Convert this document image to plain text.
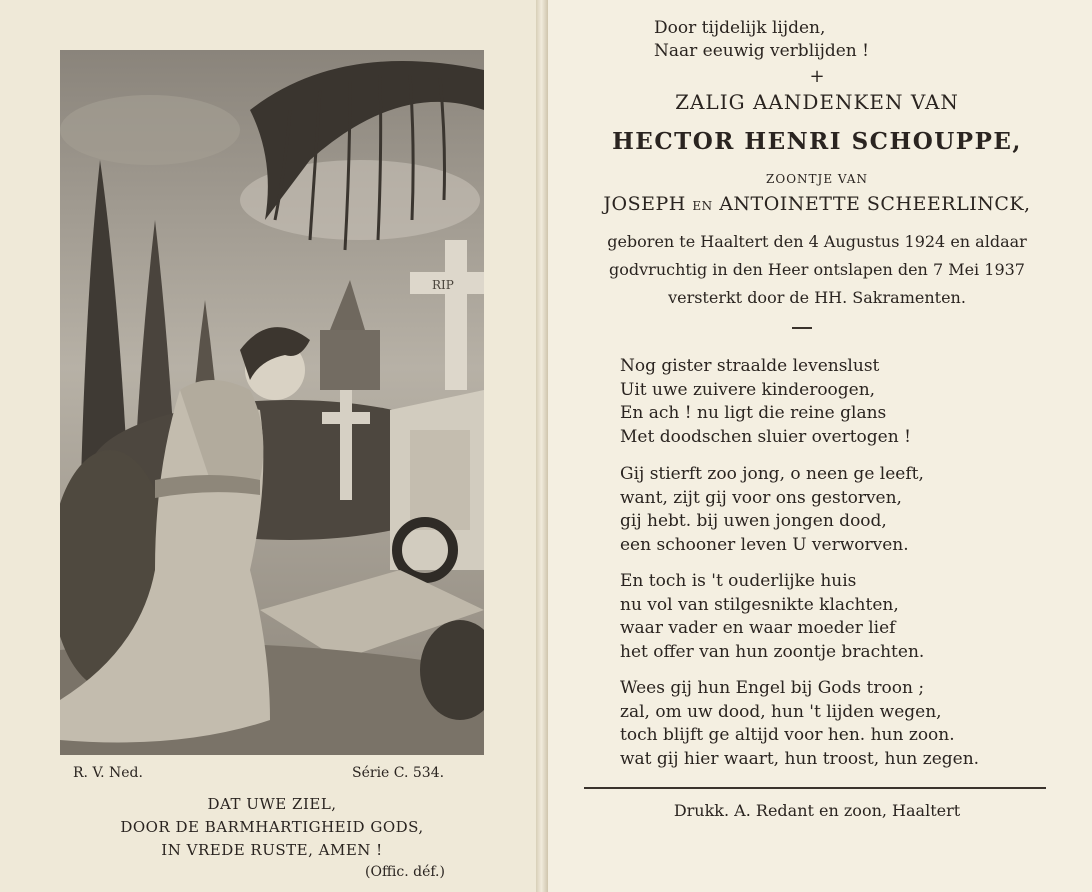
RIP
R. V. Ned.	Série C. 534.
DAT UWE ZIEL,
DOOR DE BARMHARTIGHEID GODS,
IN VREDE RUSTE, AMEN !
(Offic. déf.)
Door tijdelijk lijden,
Naar eeuwig verblijden !
+
ZALIG AANDENKEN VAN
HECTOR HENRI SCHOUPPE,
ZOONTJE VAN
JOSEPH EN ANTOINETTE SCHEERLINCK,
geboren te Haaltert den 4 Augustus 1924 en aldaar
godvruchtig in den Heer ontslapen den 7 Mei 1937
versterkt door de HH. Sakramenten.
Drukk. A. Redant en zoon, Haaltert
Nog gister straalde levenslust
Uit uwe zuivere kinderoogen,
En ach ! nu ligt die reine glans
Met doodschen sluier overtogen !
Gij stierft zoo jong, o neen ge leeft,
want, zijt gij voor ons gestorven,
gij hebt. bij uwen jongen dood,
een schooner leven U verworven.
En toch is 't ouderlijke huis
nu vol van stilgesnikte klachten,
waar vader en waar moeder lief
het offer van hun zoontje brachten.
Wees gij hun Engel bij Gods troon ;
zal, om uw dood, hun 't lijden wegen,
toch blijft ge altijd voor hen. hun zoon.
wat gij hier waart, hun troost, hun zegen.
